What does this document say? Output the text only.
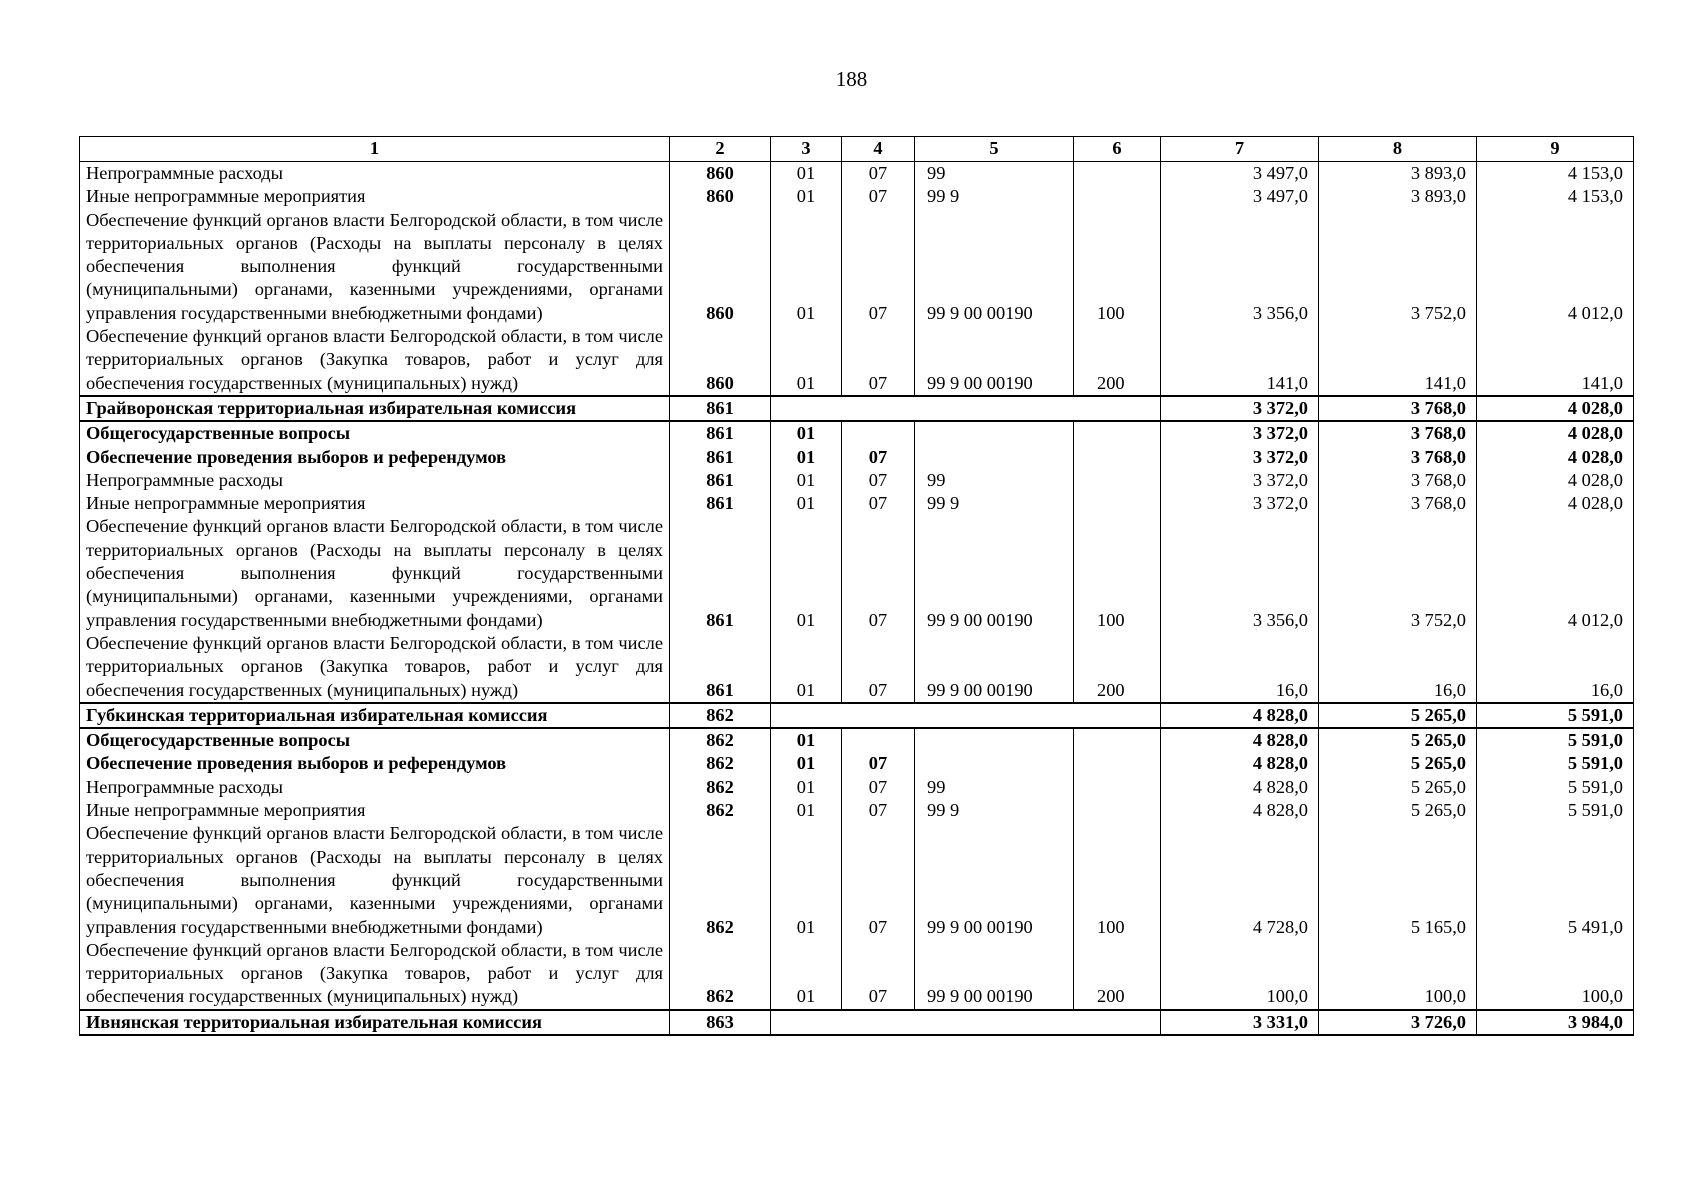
188
1	2	3	4	5	6	7	8	9
Непрограммные расходы	860	01	07	99		3 497,0	3 893,0	4 153,0
Иные непрограммные мероприятия	860	01	07	99 9		3 497,0	3 893,0	4 153,0
Обеспечение функций органов власти Белгородской области, в том числе территориальных органов (Расходы на выплаты персоналу в целях обеспечения выполнения функций государственными (муниципальными) органами, казенными учреждениями, органами управления государственными внебюджетными фондами)	860	01	07	99 9 00 00190	100	3 356,0	3 752,0	4 012,0
Обеспечение функций органов власти Белгородской области, в том числе территориальных органов (Закупка товаров, работ и услуг для обеспечения государственных (муниципальных) нужд)	860	01	07	99 9 00 00190	200	141,0	141,0	141,0
Грайворонская территориальная избирательная комиссия	861					3 372,0	3 768,0	4 028,0
Общегосударственные вопросы	861	01				3 372,0	3 768,0	4 028,0
Обеспечение проведения выборов и референдумов	861	01	07			3 372,0	3 768,0	4 028,0
Непрограммные расходы	861	01	07	99		3 372,0	3 768,0	4 028,0
Иные непрограммные мероприятия	861	01	07	99 9		3 372,0	3 768,0	4 028,0
Обеспечение функций органов власти Белгородской области, в том числе территориальных органов (Расходы на выплаты персоналу в целях обеспечения выполнения функций государственными (муниципальными) органами, казенными учреждениями, органами управления государственными внебюджетными фондами)	861	01	07	99 9 00 00190	100	3 356,0	3 752,0	4 012,0
Обеспечение функций органов власти Белгородской области, в том числе территориальных органов (Закупка товаров, работ и услуг для обеспечения государственных (муниципальных) нужд)	861	01	07	99 9 00 00190	200	16,0	16,0	16,0
Губкинская территориальная избирательная комиссия	862					4 828,0	5 265,0	5 591,0
Общегосударственные вопросы	862	01				4 828,0	5 265,0	5 591,0
Обеспечение проведения выборов и референдумов	862	01	07			4 828,0	5 265,0	5 591,0
Непрограммные расходы	862	01	07	99		4 828,0	5 265,0	5 591,0
Иные непрограммные мероприятия	862	01	07	99 9		4 828,0	5 265,0	5 591,0
Обеспечение функций органов власти Белгородской области, в том числе территориальных органов (Расходы на выплаты персоналу в целях обеспечения выполнения функций государственными (муниципальными) органами, казенными учреждениями, органами управления государственными внебюджетными фондами)	862	01	07	99 9 00 00190	100	4 728,0	5 165,0	5 491,0
Обеспечение функций органов власти Белгородской области, в том числе территориальных органов (Закупка товаров, работ и услуг для обеспечения государственных (муниципальных) нужд)	862	01	07	99 9 00 00190	200	100,0	100,0	100,0
Ивнянская территориальная избирательная комиссия	863					3 331,0	3 726,0	3 984,0
